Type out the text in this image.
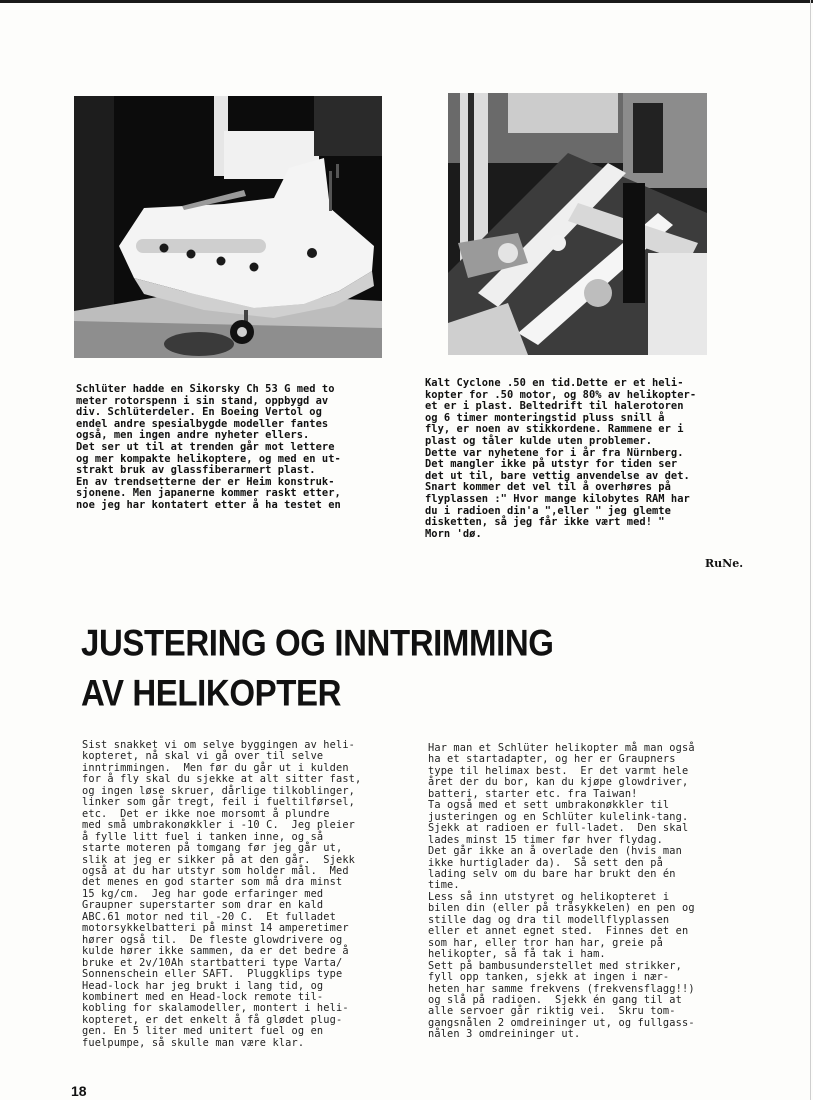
Schlüter hadde en Sikorsky Ch 53 G med to

meter rotorspenn i sin stand, oppbygd av

div. Schlüterdeler. En Boeing Vertol og

endel andre spesialbygde modeller fantes

også, men ingen andre nyheter ellers.

Det ser ut til at trenden går mot lettere

og mer kompakte helikoptere, og med en ut-

strakt bruk av glassfiberarmert plast.

En av trendsetterne der er Heim konstruk-

sjonene. Men japanerne kommer raskt etter,

noe jeg har kontatert etter å ha testet en

Kalt Cyclone .50 en tid.Dette er et heli-

kopter for .50 motor, og 80% av helikopter-

et er i plast. Beltedrift til halerotoren

og 6 timer monteringstid pluss snill å

fly, er noen av stikkordene. Rammene er i

plast og tåler kulde uten problemer.

Dette var nyhetene for i år fra Nürnberg.

Det mangler ikke på utstyr for tiden ser

det ut til, bare vettig anvendelse av det.

Snart kommer det vel til å overhøres på

flyplassen :" Hvor mange kilobytes RAM har

du i radioen din'a ",eller " jeg glemte

disketten, så jeg får ikke vært med! "

Morn 'dø.

RuNe.
JUSTERING OG INNTRIMMING
AV HELIKOPTER

Sist snakket vi om selve byggingen av heli-

kopteret, nå skal vi gå over til selve

inntrimmingen.  Men før du går ut i kulden

for å fly skal du sjekke at alt sitter fast,

og ingen løse skruer, dårlige tilkoblinger,

linker som går tregt, feil i fueltilførsel,

etc.  Det er ikke noe morsomt å plundre

med små umbrakonøkkler i -10 C.  Jeg pleier

å fylle litt fuel i tanken inne, og så

starte moteren på tomgang før jeg går ut,

slik at jeg er sikker på at den går.  Sjekk

også at du har utstyr som holder mål.  Med

det menes en god starter som må dra minst

15 kg/cm.  Jeg har gode erfaringer med

Graupner superstarter som drar en kald

ABC.61 motor ned til -20 C.  Et fulladet

motorsykkelbatteri på minst 14 amperetimer

hører også til.  De fleste glowdrivere og

kulde hører ikke sammen, da er det bedre å

bruke et 2v/10Ah startbatteri type Varta/

Sonnenschein eller SAFT.  Pluggklips type

Head-lock har jeg brukt i lang tid, og

kombinert med en Head-lock remote til-

kobling for skalamodeller, montert i heli-

kopteret, er det enkelt å få glødet plug-

gen. En 5 liter med unitert fuel og en

fuelpumpe, så skulle man være klar.

Har man et Schlüter helikopter må man også

ha et startadapter, og her er Graupners

type til helimax best.  Er det varmt hele

året der du bor, kan du kjøpe glowdriver,

batteri, starter etc. fra Taiwan!

Ta også med et sett umbrakonøkkler til

justeringen og en Schlüter kulelink-tang.

Sjekk at radioen er full-ladet.  Den skal

lades minst 15 timer før hver flydag.

Det går ikke an å overlade den (hvis man

ikke hurtiglader da).  Så sett den på

lading selv om du bare har brukt den én

time.

Less så inn utstyret og helikopteret i

bilen din (eller på tråsykkelen) en pen og

stille dag og dra til modellflyplassen

eller et annet egnet sted.  Finnes det en

som har, eller tror han har, greie på

helikopter, så få tak i ham.

Sett på bambusunderstellet med strikker,

fyll opp tanken, sjekk at ingen i nær-

heten har samme frekvens (frekvensflagg!!)

og slå på radioen.  Sjekk én gang til at

alle servoer går riktig vei.  Skru tom-

gangsnålen 2 omdreininger ut, og fullgass-

nålen 3 omdreininger ut.

18
